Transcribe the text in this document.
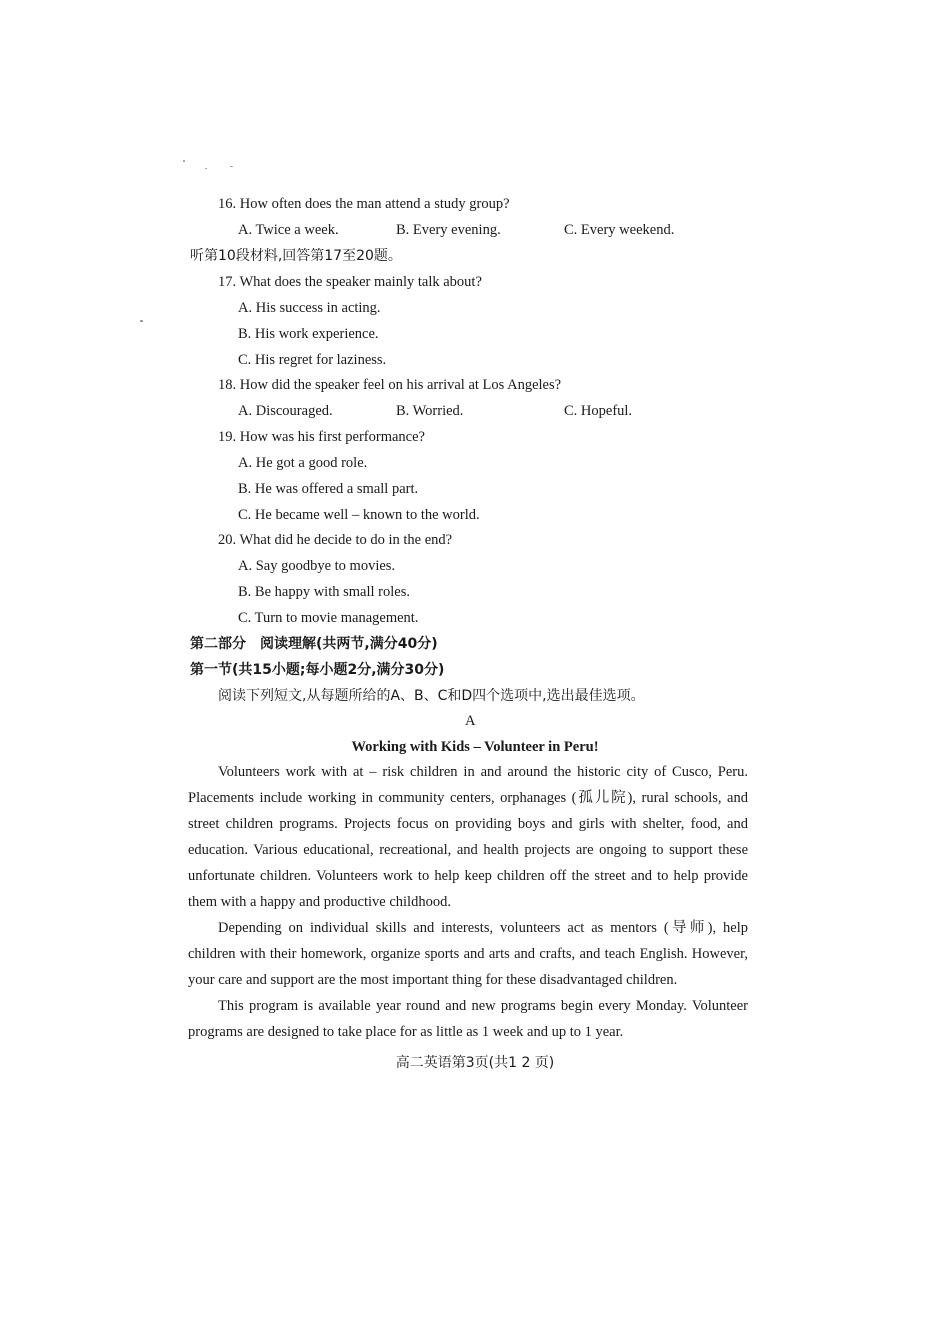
16. How often does the man attend a study group?
A. Twice a week.	B. Every evening.	C. Every weekend.
听第10段材料,回答第17至20题。
17. What does the speaker mainly talk about?
A. His success in acting.
B. His work experience.
C. His regret for laziness.
18. How did the speaker feel on his arrival at Los Angeles?
A. Discouraged.	B. Worried.	C. Hopeful.
19. How was his first performance?
A. He got a good role.
B. He was offered a small part.
C. He became well – known to the world.
20. What did he decide to do in the end?
A. Say goodbye to movies.
B. Be happy with small roles.
C. Turn to movie management.
第二部分　阅读理解(共两节,满分40分)
第一节(共15小题;每小题2分,满分30分)
阅读下列短文,从每题所给的A、B、C和D四个选项中,选出最佳选项。
A
Working with Kids – Volunteer in Peru!
Volunteers work with at – risk children in and around the historic city of Cusco, Peru. Placements include working in community centers, orphanages (孤儿院), rural schools, and street children programs. Projects focus on providing boys and girls with shelter, food, and education. Various educational, recreational, and health projects are ongoing to support these unfortunate children. Volunteers work to help keep children off the street and to help provide them with a happy and productive childhood.
Depending on individual skills and interests, volunteers act as mentors (导师), help children with their homework, organize sports and arts and crafts, and teach English. However, your care and support are the most important thing for these disadvantaged children.
This program is available year round and new programs begin every Monday. Volunteer programs are designed to take place for as little as 1 week and up to 1 year.
高二英语第3页(共1 2 页)
